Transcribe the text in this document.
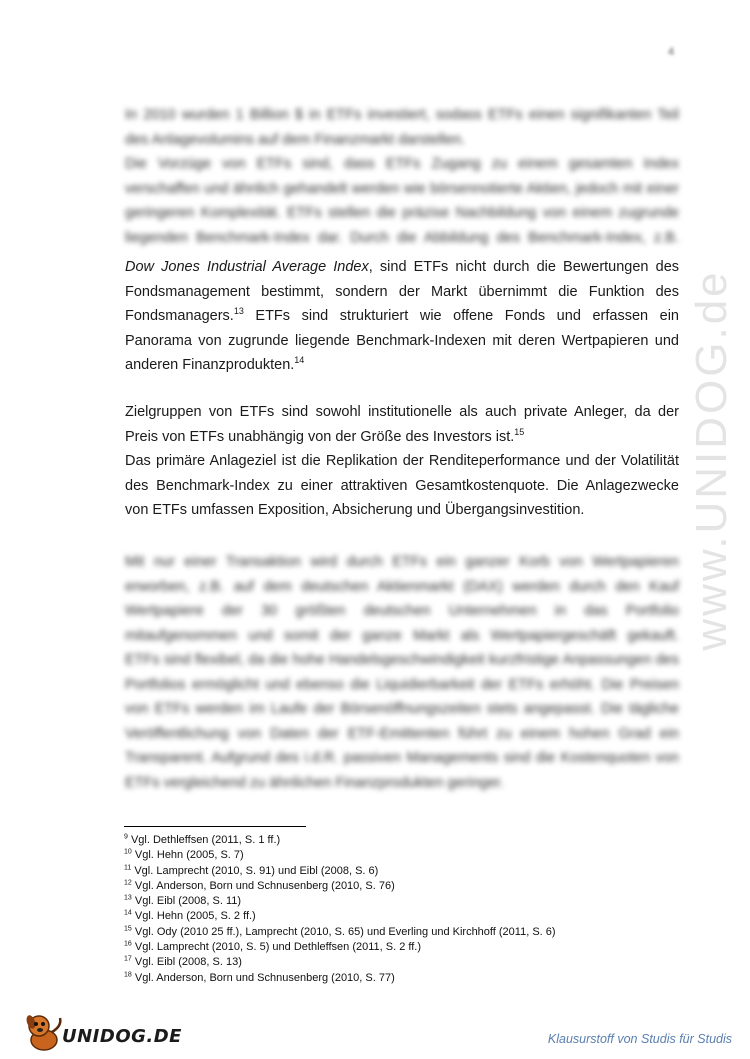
4
In 2010 wurden 1 Billion $ in ETFs investiert, sodass ETFs einen signifikanten Teil
des Anlagevolumins auf dem Finanzmarkt darstellen.
Die Vorzüge von ETFs sind, dass ETFs Zugang zu einem gesamten Index
verschaffen und ähnlich gehandelt werden wie börsennotierte Aktien, jedoch mit einer
geringeren Komplexität. ETFs stellen die präzise Nachbildung von einem zugrunde
liegenden Benchmark-Index dar. Durch die Abbildung des Benchmark-Index, z.B.
Dow Jones Industrial Average Index, sind ETFs nicht durch die Bewertungen des
Fondsmanagement bestimmt, sondern der Markt übernimmt die Funktion des
Fondsmanagers.$^{13}$ ETFs sind strukturiert wie offene Fonds und erfassen ein
Panorama von zugrunde liegende Benchmark-Indexen mit deren Wertpapieren und
anderen Finanzprodukten.$^{14}$
Zielgruppen von ETFs sind sowohl institutionelle als auch private Anleger, da der
Preis von ETFs unabhängig von der Größe des Investors ist.$^{15}$
Das primäre Anlageziel ist die Replikation der Renditeperformance und der Volatilität
des Benchmark-Index zu einer attraktiven Gesamtkostenquote. Die Anlagezwecke
von ETFs umfassen Exposition, Absicherung und Übergangsinvestition.
Mit nur einer Transaktion wird durch ETFs ein ganzer Korb von Wertpapieren
erworben, z.B. auf dem deutschen Aktienmarkt (DAX) werden durch den Kauf
Wertpapiere der 30 größten deutschen Unternehmen in das Portfolio
mitaufgenommen und somit der ganze Markt als Wertpapiergeschäft gekauft.
ETFs sind flexibel, da die hohe Handelsgeschwindigkeit kurzfristige Anpassungen des
Portfolios ermöglicht und ebenso die Liquidierbarkeit der ETFs erhöht. Die Preisen
von ETFs werden im Laufe der Börsenöffnungszeiten stets angepasst. Die tägliche
Veröffentlichung von Daten der ETF-Emittenten führt zu einem hohen Grad ein
Transparent. Aufgrund des i.d.R. passiven Managements sind die Kostenquoten von
ETFs vergleichend zu ähnlichen Finanzprodukten geringer.
$^9$ Vgl. Dethleffsen (2011, S. 1 ff.)
$^{10}$ Vgl. Hehn (2005, S. 7)
$^{11}$ Vgl. Lamprecht (2010, S. 91) und Eibl (2008, S. 6)
$^{12}$ Vgl. Anderson, Born und Schnusenberg (2010, S. 76)
$^{13}$ Vgl. Eibl (2008, S. 11)
$^{14}$ Vgl. Hehn (2005, S. 2 ff.)
$^{15}$ Vgl. Ody (2010 25 ff.), Lamprecht (2010, S. 65) und Everling und Kirchhoff (2011, S. 6)
$^{16}$ Vgl. Lamprecht (2010, S. 5) und Dethleffsen (2011, S. 2 ff.)
$^{17}$ Vgl. Eibl (2008, S. 13)
$^{18}$ Vgl. Anderson, Born und Schnusenberg (2010, S. 77)
www.UNIDOG.de
UNIDOG.DE	Klausurstoff von Studis für Studis
